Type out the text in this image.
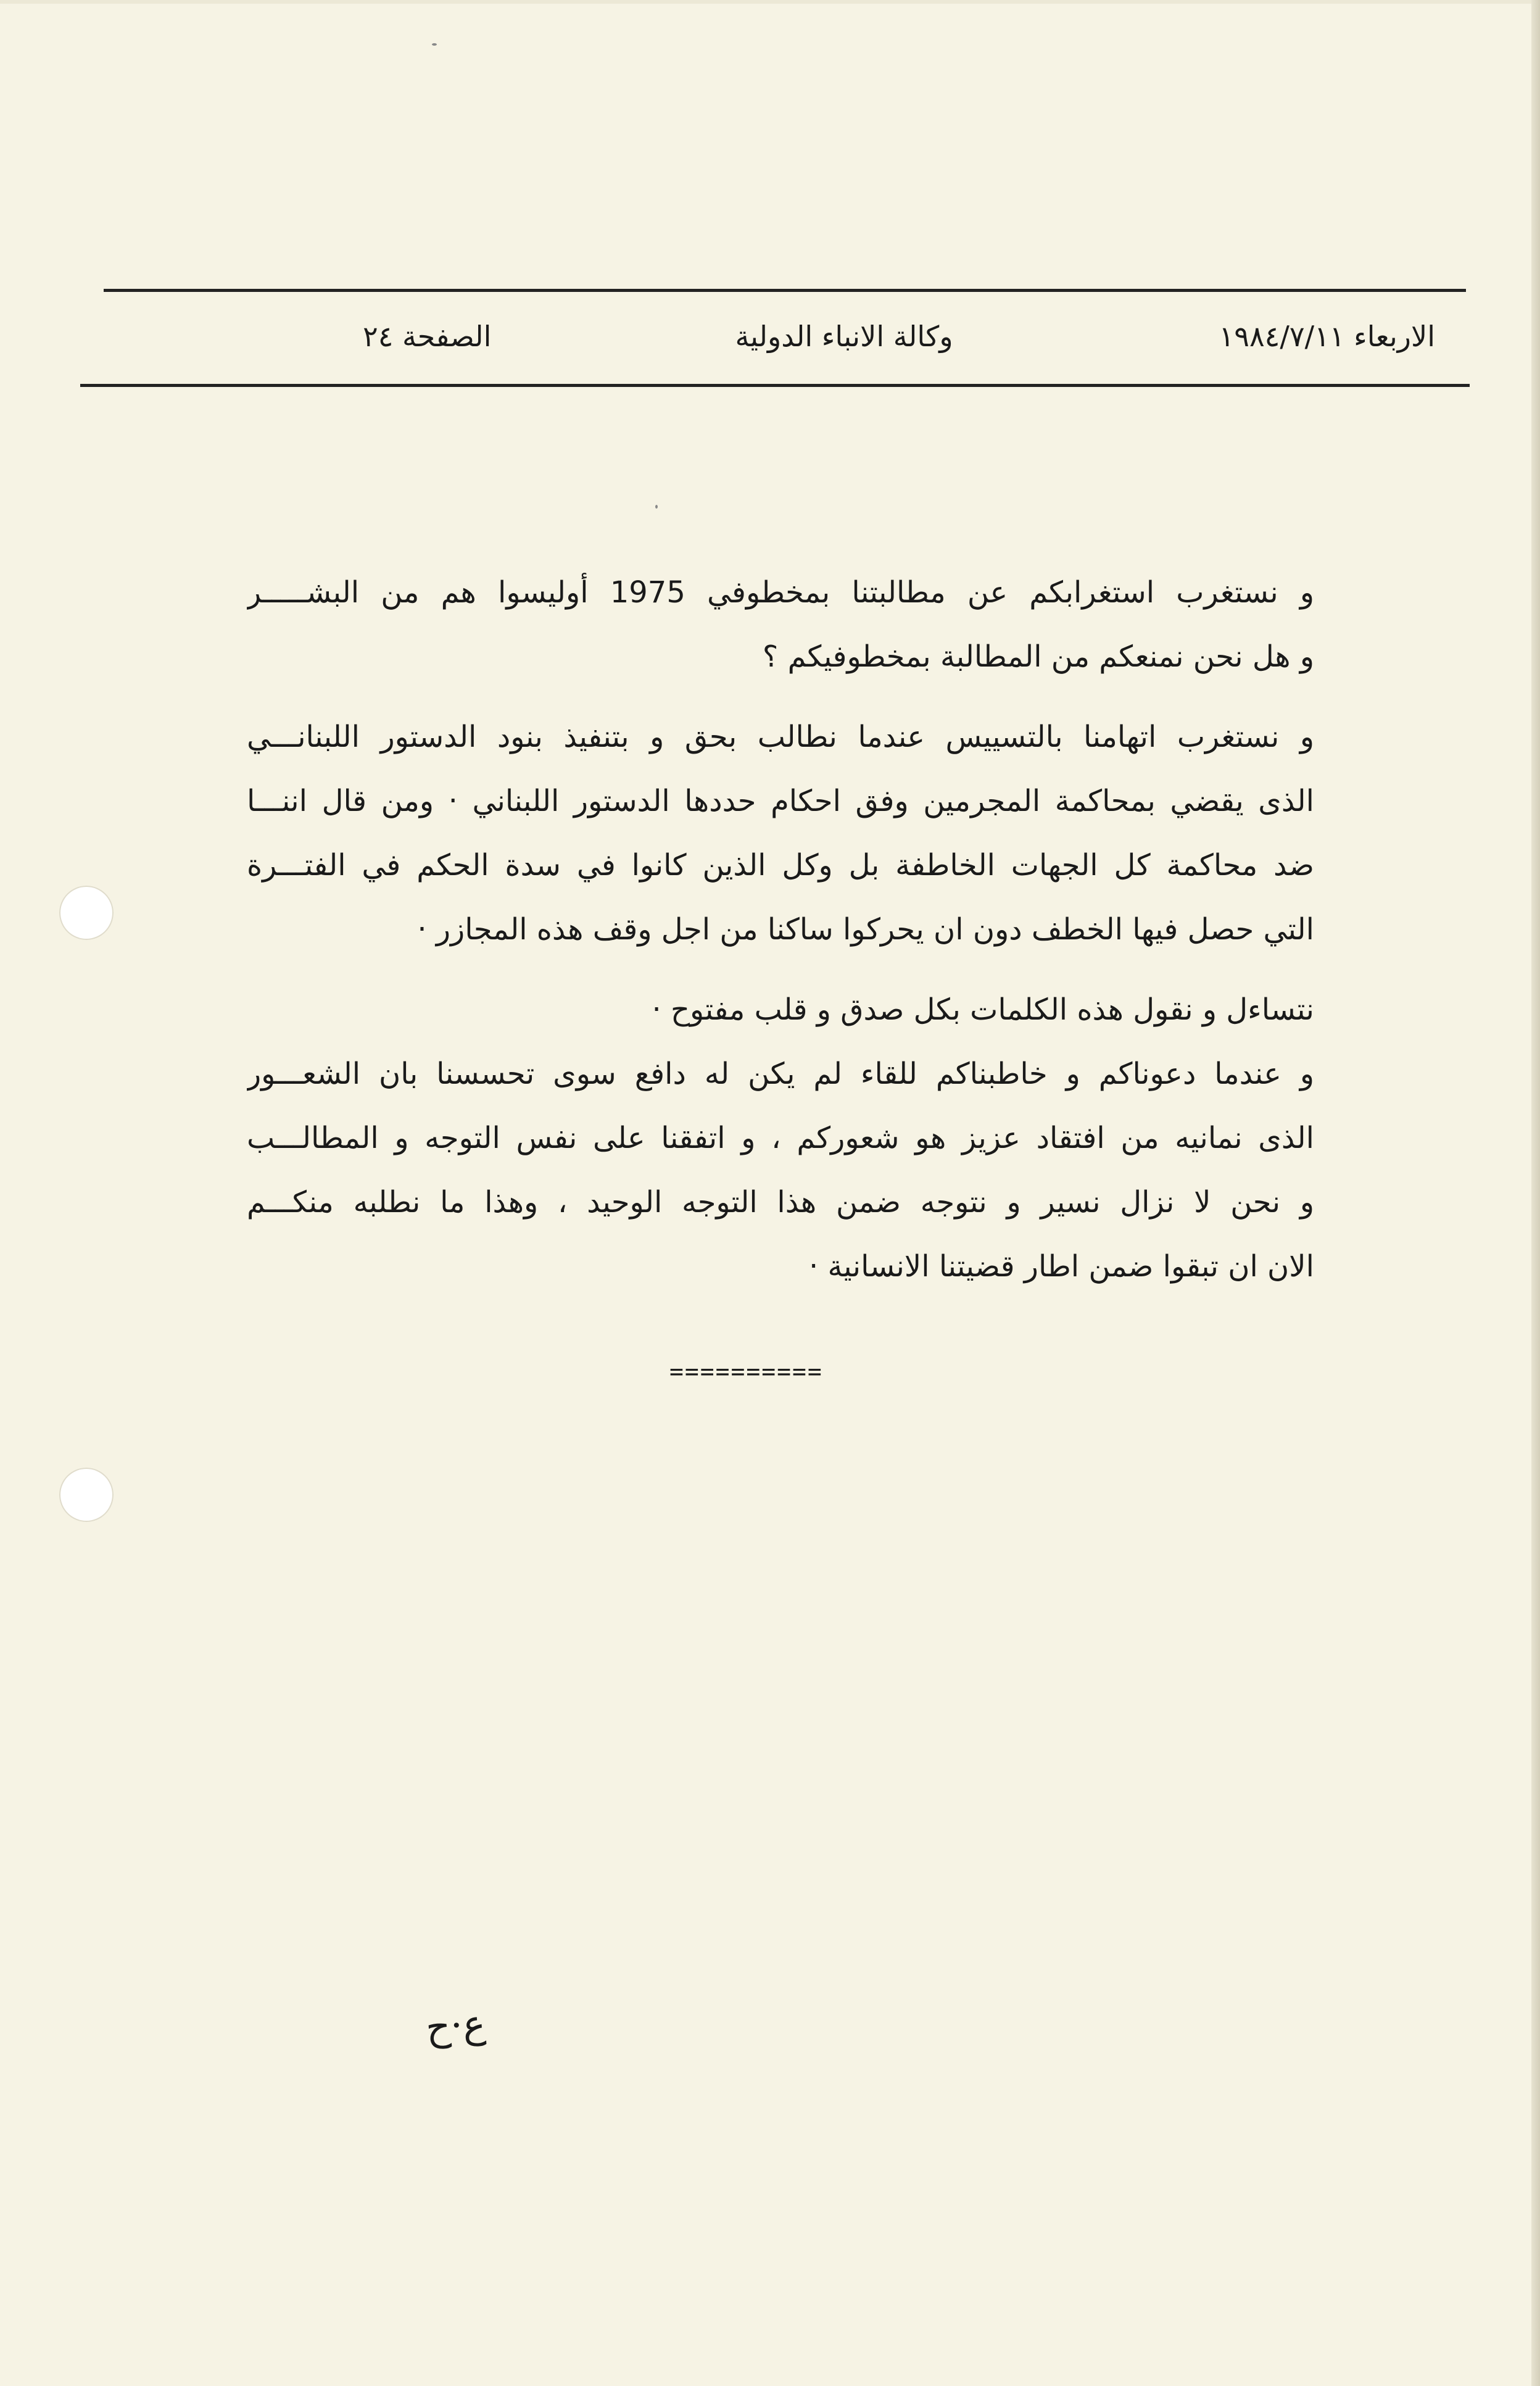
الاربعاء ١٩٨٤/٧/١١
وكالة الانباء الدولية
الصفحة ٢٤
و نستغرب استغرابكم عن مطالبتنا بمخطوفي 1975 أوليسوا هم من البشـــــر
و هل نحن نمنعكم من المطالبة بمخطوفيكم ؟
و نستغرب اتهامنا بالتسييس عندما نطالب بحق و بتنفيذ بنود الدستور اللبنانـــي
الذى يقضي بمحاكمة المجرمين وفق احكام حددها الدستور اللبناني · ومن قال اننـــا
ضد محاكمة كل الجهات الخاطفة بل وكل الذين كانوا في سدة الحكم في الفتـــرة
التي حصل فيها الخطف دون ان يحركوا ساكنا من اجل وقف هذه المجازر ·
نتساءل و نقول هذه الكلمات بكل صدق و قلب مفتوح ·
و عندما دعوناكم و خاطبناكم للقاء لم يكن له دافع سوى تحسسنا بان الشعـــور
الذى نمانيه من افتقاد عزيز هو شعوركم ، و اتفقنا على نفس التوجه و المطالـــب
و نحن لا نزال نسير و نتوجه ضمن هذا التوجه الوحيد ، وهذا ما نطلبه منكـــم
الان ان تبقوا ضمن اطار قضيتنا الانسانية ·
==========
ع·ح
